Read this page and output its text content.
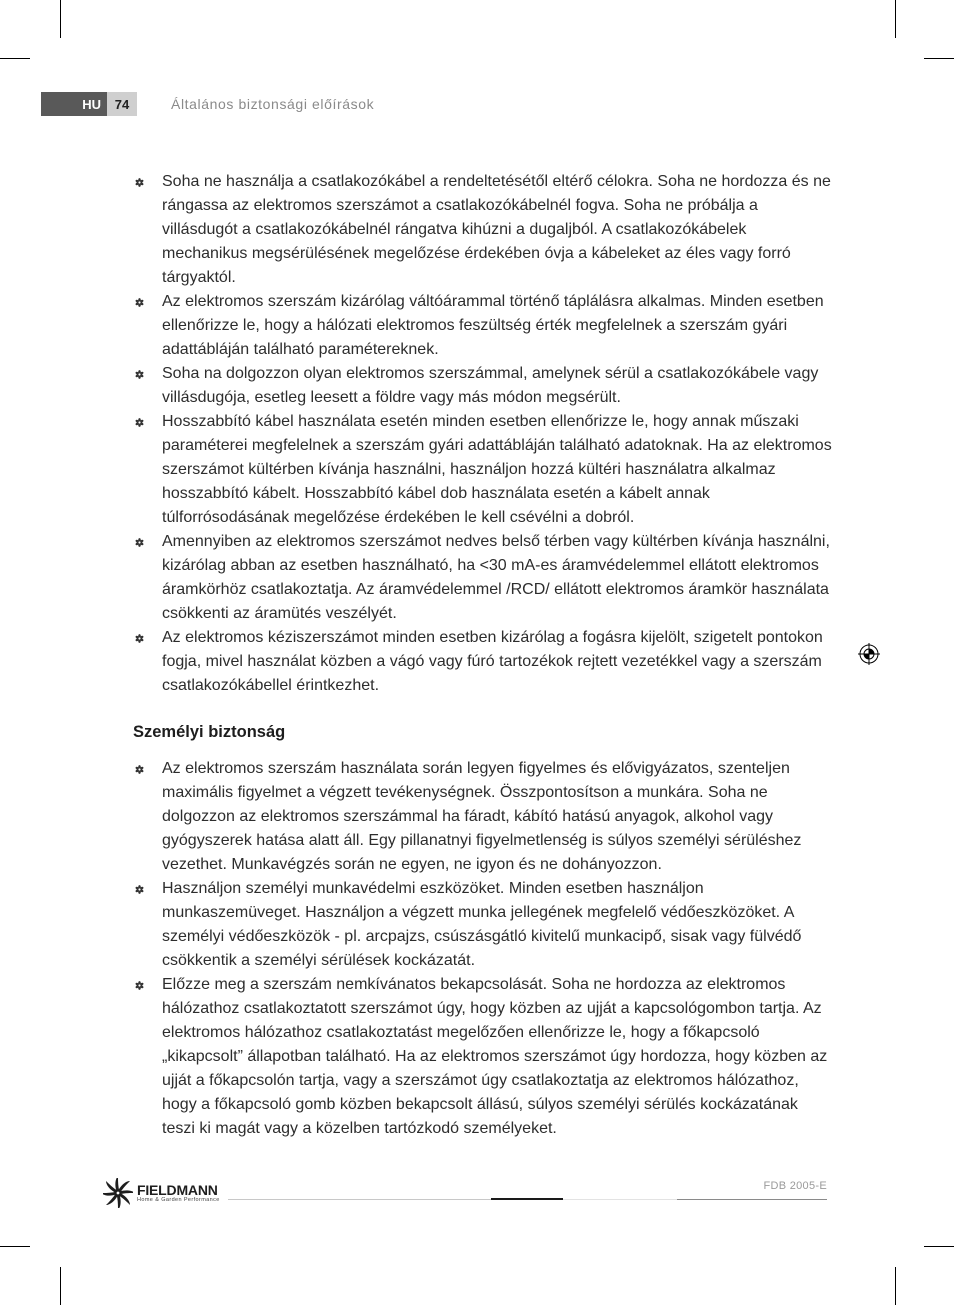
HU	74	Általános biztonsági előírások
Soha ne használja a csatlakozókábel a rendeltetésétől eltérő célokra. Soha ne hordozza és ne rángassa az elektromos szerszámot a csatlakozókábelnél fogva. Soha ne próbálja a villásdugót a csatlakozókábelnél rángatva kihúzni a dugaljból. A csatlakozókábelek mechanikus megsérülésének megelőzése érdekében óvja a kábeleket az éles vagy forró tárgyaktól.
Az elektromos szerszám kizárólag váltóárammal történő táplálásra alkalmas. Minden esetben ellenőrizze le, hogy a hálózati elektromos feszültség érték megfelelnek a szerszám gyári adattábláján található paramétereknek.
Soha na dolgozzon olyan elektromos szerszámmal, amelynek sérül a csatlakozókábele vagy villásdugója, esetleg leesett a földre vagy más módon megsérült.
Hosszabbító kábel használata esetén minden esetben ellenőrizze le, hogy annak műszaki paraméterei megfelelnek a szerszám gyári adattábláján található adatoknak. Ha az elektromos szerszámot kültérben kívánja használni, használjon hozzá kültéri használatra alkalmaz hosszabbító kábelt. Hosszabbító kábel dob használata esetén a kábelt annak túlforrósodásának megelőzése érdekében le kell csévélni a dobról.
Amennyiben az elektromos szerszámot nedves belső térben vagy kültérben kívánja használni, kizárólag abban az esetben használható, ha <30 mA-es áramvédelemmel ellátott elektromos áramkörhöz csatlakoztatja. Az áramvédelemmel /RCD/ ellátott elektromos áramkör használata csökkenti az áramütés veszélyét.
Az elektromos kéziszerszámot minden esetben kizárólag a fogásra kijelölt, szigetelt pontokon fogja, mivel használat közben a vágó vagy fúró tartozékok rejtett vezetékkel vagy a szerszám csatlakozókábellel érintkezhet.
Személyi biztonság
Az elektromos szerszám használata során legyen figyelmes és elővigyázatos, szenteljen maximális figyelmet a végzett tevékenységnek. Összpontosítson a munkára. Soha ne dolgozzon az elektromos szerszámmal ha fáradt, kábító hatású anyagok, alkohol vagy gyógyszerek hatása alatt áll. Egy pillanatnyi figyelmetlenség is súlyos személyi sérüléshez vezethet. Munkavégzés során ne egyen, ne igyon és ne dohányozzon.
Használjon személyi munkavédelmi eszközöket. Minden esetben használjon munkaszemüveget. Használjon a végzett munka jellegének megfelelő védőeszközöket. A személyi védőeszközök - pl. arcpajzs, csúszásgátló kivitelű munkacipő, sisak vagy fülvédő csökkentik a személyi sérülések kockázatát.
Előzze meg a szerszám nemkívánatos bekapcsolását. Soha ne hordozza az elektromos hálózathoz csatlakoztatott szerszámot úgy, hogy közben az ujját a kapcsológombon tartja. Az elektromos hálózathoz csatlakoztatást megelőzően ellenőrizze le, hogy a főkapcsoló „kikapcsolt” állapotban található. Ha az elektromos szerszámot úgy hordozza, hogy közben az ujját a főkapcsolón tartja, vagy a szerszámot úgy csatlakoztatja az elektromos hálózathoz, hogy a főkapcsoló gomb közben bekapcsolt állású, súlyos személyi sérülés kockázatának teszi ki magát vagy a közelben tartózkodó személyeket.
FIELDMANN
Home & Garden Performance
FDB 2005-E
